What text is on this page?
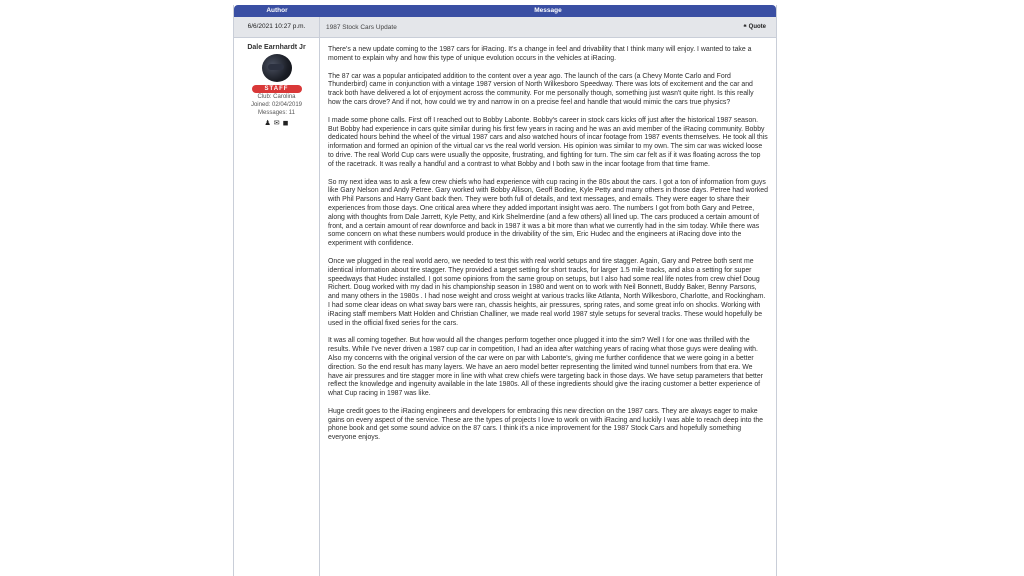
Author	Message
6/6/2021 10:27 p.m.	1987 Stock Cars Update	❝ Quote
Dale Earnhardt Jr
STAFF
Club: Carolina
Joined: 02/04/2019
Messages: 11
♟ ✉ ◼

There's a new update coming to the 1987 cars for iRacing. It's a change in feel and drivability that I think many will enjoy. I wanted to take a moment to explain why and how this type of unique evolution occurs in the vehicles at iRacing.

The 87 car was a popular anticipated addition to the content over a year ago. The launch of the cars (a Chevy Monte Carlo and Ford Thunderbird) came in conjunction with a vintage 1987 version of North Wilkesboro Speedway. There was lots of excitement and the car and track both have delivered a lot of enjoyment across the community. For me personally though, something just wasn't quite right. Is this really how the cars drove? And if not, how could we try and narrow in on a precise feel and handle that would mimic the cars true physics?

I made some phone calls. First off I reached out to Bobby Labonte. Bobby's career in stock cars kicks off just after the historical 1987 season. But Bobby had experience in cars quite similar during his first few years in racing and he was an avid member of the iRacing community. Bobby dedicated hours behind the wheel of the virtual 1987 cars and also watched hours of incar footage from 1987 events themselves. He took all this information and formed an opinion of the virtual car vs the real world version. His opinion was similar to my own. The sim car was wicked loose to drive. The real World Cup cars were usually the opposite, frustrating, and fighting for turn. The sim car felt as if it was floating across the top of the racetrack. It was really a handful and a contrast to what Bobby and I both saw in the incar footage from that time frame.

So my next idea was to ask a few crew chiefs who had experience with cup racing in the 80s about the cars. I got a ton of information from guys like Gary Nelson and Andy Petree. Gary worked with Bobby Allison, Geoff Bodine, Kyle Petty and many others in those days. Petree had worked with Phil Parsons and Harry Gant back then. They were both full of details, and text messages, and emails. They were eager to share their experiences from those days. One critical area where they added important insight was aero. The numbers I got from both Gary and Petree, along with thoughts from Dale Jarrett, Kyle Petty, and Kirk Shelmerdine (and a few others) all lined up. The cars produced a certain amount of front, and a certain amount of rear downforce and back in 1987 it was a bit more than what we currently had in the sim today. While there was some concern on what these numbers would produce in the drivability of the sim, Eric Hudec and the engineers at iRacing dove into the experiment with confidence.

Once we plugged in the real world aero, we needed to test this with real world setups and tire stagger. Again, Gary and Petree both sent me identical information about tire stagger. They provided a target setting for short tracks, for larger 1.5 mile tracks, and also a setting for super speedways that Hudec installed. I got some opinions from the same group on setups, but I also had some real life notes from crew chief Doug Richert. Doug worked with my dad in his championship season in 1980 and went on to work with Neil Bonnett, Buddy Baker, Benny Parsons, and many others in the 1980s . I had nose weight and cross weight at various tracks like Atlanta, North Wilkesboro, Charlotte, and Rockingham. I had some clear ideas on what sway bars were ran, chassis heights, air pressures, spring rates, and some great info on shocks. Working with iRacing staff members Matt Holden and Christian Challiner, we made real world 1987 style setups for several tracks. These would hopefully be used in the official fixed series for the cars.

It was all coming together. But how would all the changes perform together once plugged it into the sim? Well I for one was thrilled with the results. While I've never driven a 1987 cup car in competition, I had an idea after watching years of racing what those guys were dealing with. Also my concerns with the original version of the car were on par with Labonte's, giving me further confidence that we were going in a better direction. So the end result has many layers. We have an aero model better representing the limited wind tunnel numbers from that era. We have air pressures and tire stagger more in line with what crew chiefs were targeting back in those days. We have setup parameters that better reflect the knowledge and ingenuity available in the late 1980s. All of these ingredients should give the iracing customer a better experience of what Cup racing in 1987 was like.

Huge credit goes to the iRacing engineers and developers for embracing this new direction on the 1987 cars. They are always eager to make gains on every aspect of the service. These are the types of projects I love to work on with iRacing and luckily I was able to reach deep into the phone book and get some sound advice on the 87 cars. I think it's a nice improvement for the 1987 Stock Cars and hopefully something everyone enjoys.
